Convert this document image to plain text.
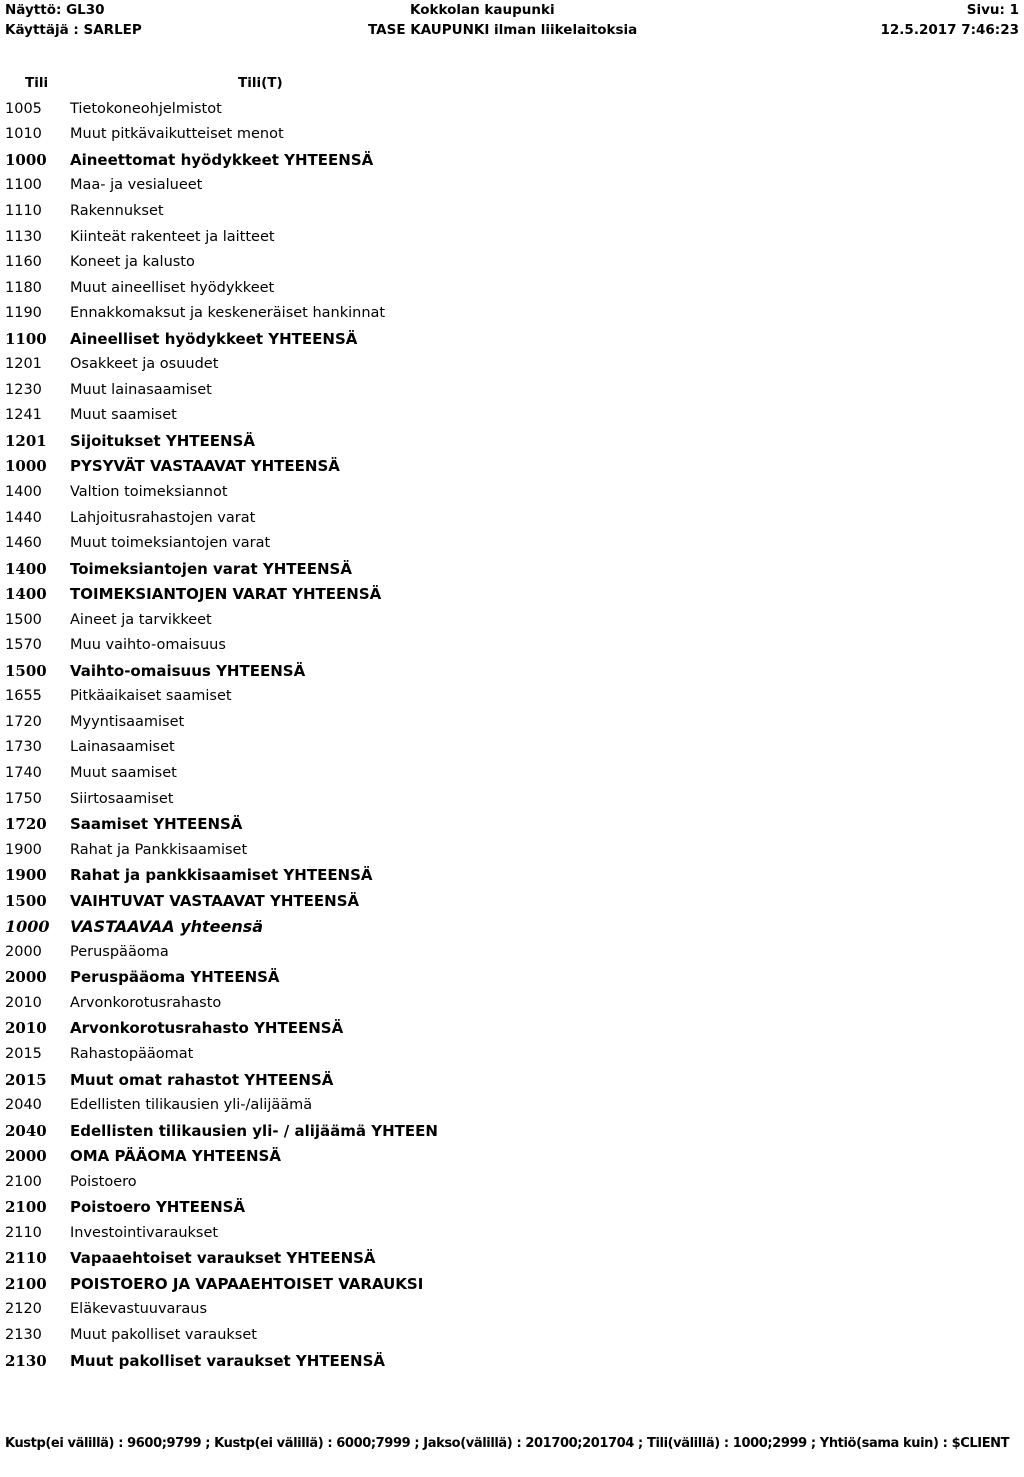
Näyttö: GL30
Käyttäjä : SARLEP
Kokkolan kaupunki
TASE KAUPUNKI ilman liikelaitoksia
Sivu: 1
12.5.2017 7:46:23
Tili	Tili(T)
1005	Tietokoneohjelmistot
1010	Muut pitkävaikutteiset menot
1000	Aineettomat hyödykkeet YHTEENSÄ
1100	Maa- ja vesialueet
1110	Rakennukset
1130	Kiinteät rakenteet ja laitteet
1160	Koneet ja kalusto
1180	Muut aineelliset hyödykkeet
1190	Ennakkomaksut ja keskeneräiset hankinnat
1100	Aineelliset hyödykkeet YHTEENSÄ
1201	Osakkeet ja osuudet
1230	Muut lainasaamiset
1241	Muut saamiset
1201	Sijoitukset YHTEENSÄ
1000	PYSYVÄT VASTAAVAT YHTEENSÄ
1400	Valtion toimeksiannot
1440	Lahjoitusrahastojen varat
1460	Muut toimeksiantojen varat
1400	Toimeksiantojen varat YHTEENSÄ
1400	TOIMEKSIANTOJEN VARAT YHTEENSÄ
1500	Aineet ja tarvikkeet
1570	Muu vaihto-omaisuus
1500	Vaihto-omaisuus YHTEENSÄ
1655	Pitkäaikaiset saamiset
1720	Myyntisaamiset
1730	Lainasaamiset
1740	Muut saamiset
1750	Siirtosaamiset
1720	Saamiset YHTEENSÄ
1900	Rahat ja Pankkisaamiset
1900	Rahat ja pankkisaamiset YHTEENSÄ
1500	VAIHTUVAT VASTAAVAT YHTEENSÄ
1000	VASTAAVAA yhteensä
2000	Peruspääoma
2000	Peruspääoma YHTEENSÄ
2010	Arvonkorotusrahasto
2010	Arvonkorotusrahasto YHTEENSÄ
2015	Rahastopääomat
2015	Muut omat rahastot YHTEENSÄ
2040	Edellisten tilikausien yli-/alijäämä
2040	Edellisten tilikausien yli- / alijäämä YHTEEN
2000	OMA PÄÄOMA YHTEENSÄ
2100	Poistoero
2100	Poistoero YHTEENSÄ
2110	Investointivaraukset
2110	Vapaaehtoiset varaukset YHTEENSÄ
2100	POISTOERO JA VAPAAEHTOISET VARAUKSI
2120	Eläkevastuuvaraus
2130	Muut pakolliset varaukset
2130	Muut pakolliset varaukset YHTEENSÄ
Kustp(ei välillä) : 9600;9799 ; Kustp(ei välillä) : 6000;7999 ; Jakso(välillä) : 201700;201704 ; Tili(välillä) : 1000;2999 ; Yhtiö(sama kuin) : $CLIENT
